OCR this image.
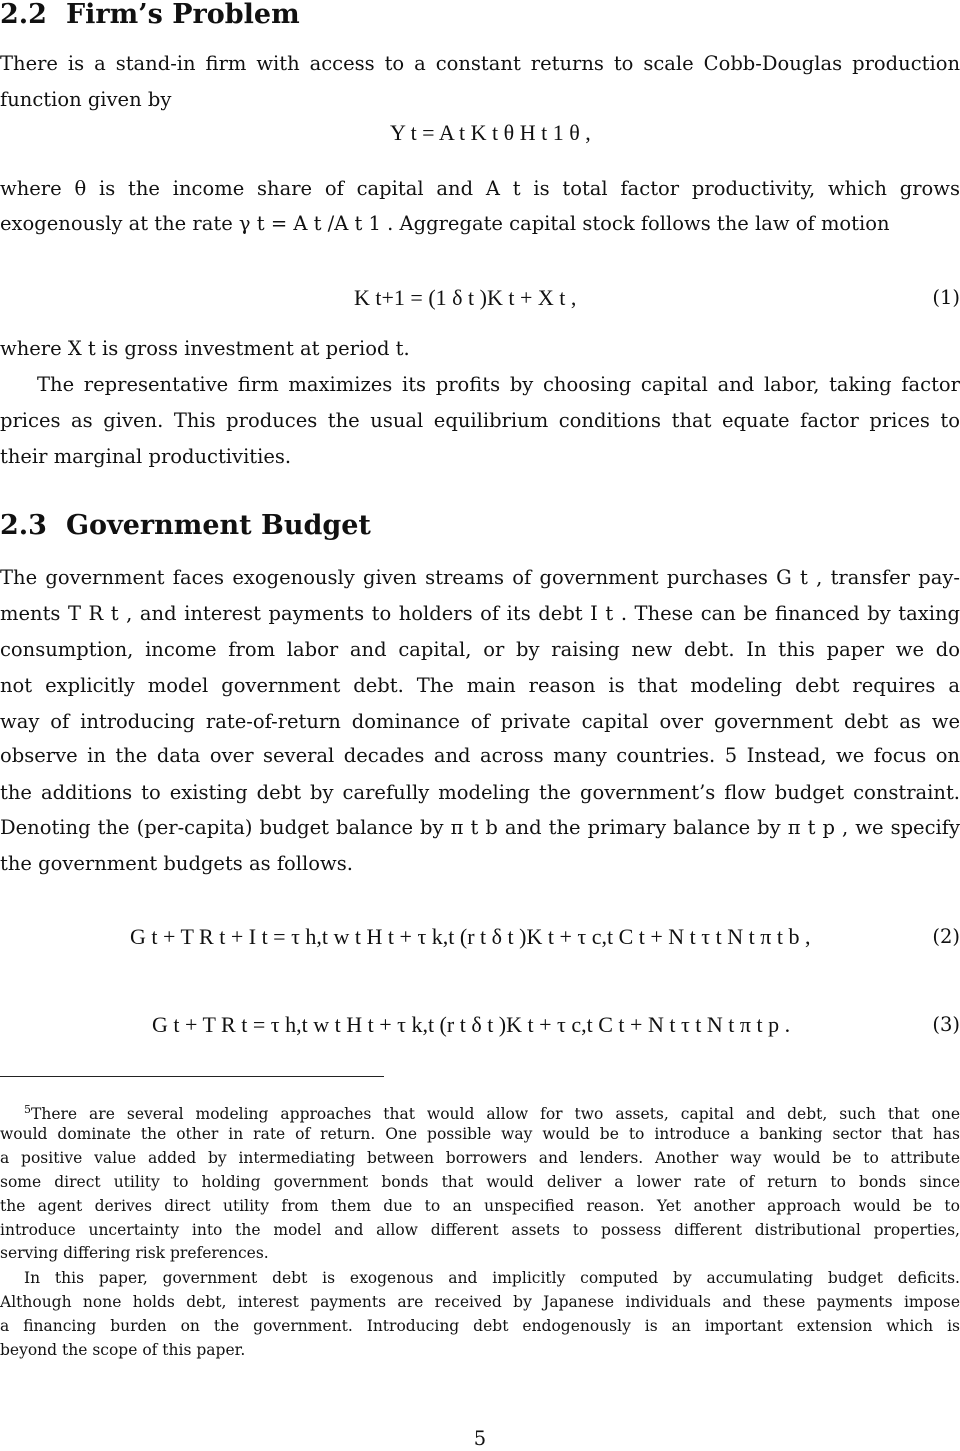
2.2 Firm’s Problem

There is a stand-in firm with access to a constant returns to scale Cobb-Douglas production

function given by

Y t = A t K t θ H t 1 θ ,

where θ is the income share of capital and A t is total factor productivity, which grows

exogenously at the rate γ t = A t /A t 1 . Aggregate capital stock follows the law of motion

K t+1 = (1 δ t )K t + X t ,	(1)

where X t is gross investment at period t.

The representative firm maximizes its profits by choosing capital and labor, taking factor

prices as given. This produces the usual equilibrium conditions that equate factor prices to

their marginal productivities.

2.3 Government Budget

The government faces exogenously given streams of government purchases G t , transfer pay-

ments T R t , and interest payments to holders of its debt I t . These can be financed by taxing

consumption, income from labor and capital, or by raising new debt. In this paper we do

not explicitly model government debt. The main reason is that modeling debt requires a

way of introducing rate-of-return dominance of private capital over government debt as we

observe in the data over several decades and across many countries. 5 Instead, we focus on

the additions to existing debt by carefully modeling the government’s flow budget constraint.

Denoting the (per-capita) budget balance by π t b and the primary balance by π t p , we specify

the government budgets as follows.

G t + T R t + I t = τ h,t w t H t + τ k,t (r t δ t )K t + τ c,t C t + N t τ t N t π t b ,	(2)
G t + T R t = τ h,t w t H t + τ k,t (r t δ t )K t + τ c,t C t + N t τ t N t π t p .	(3)

$^5$There are several modeling approaches that would allow for two assets, capital and debt, such that one

would dominate the other in rate of return. One possible way would be to introduce a banking sector that has

a positive value added by intermediating between borrowers and lenders. Another way would be to attribute

some direct utility to holding government bonds that would deliver a lower rate of return to bonds since

the agent derives direct utility from them due to an unspecified reason. Yet another approach would be to

introduce uncertainty into the model and allow different assets to possess different distributional properties,

serving differing risk preferences.

In this paper, government debt is exogenous and implicitly computed by accumulating budget deficits.

Although none holds debt, interest payments are received by Japanese individuals and these payments impose

a financing burden on the government. Introducing debt endogenously is an important extension which is

beyond the scope of this paper.

5
